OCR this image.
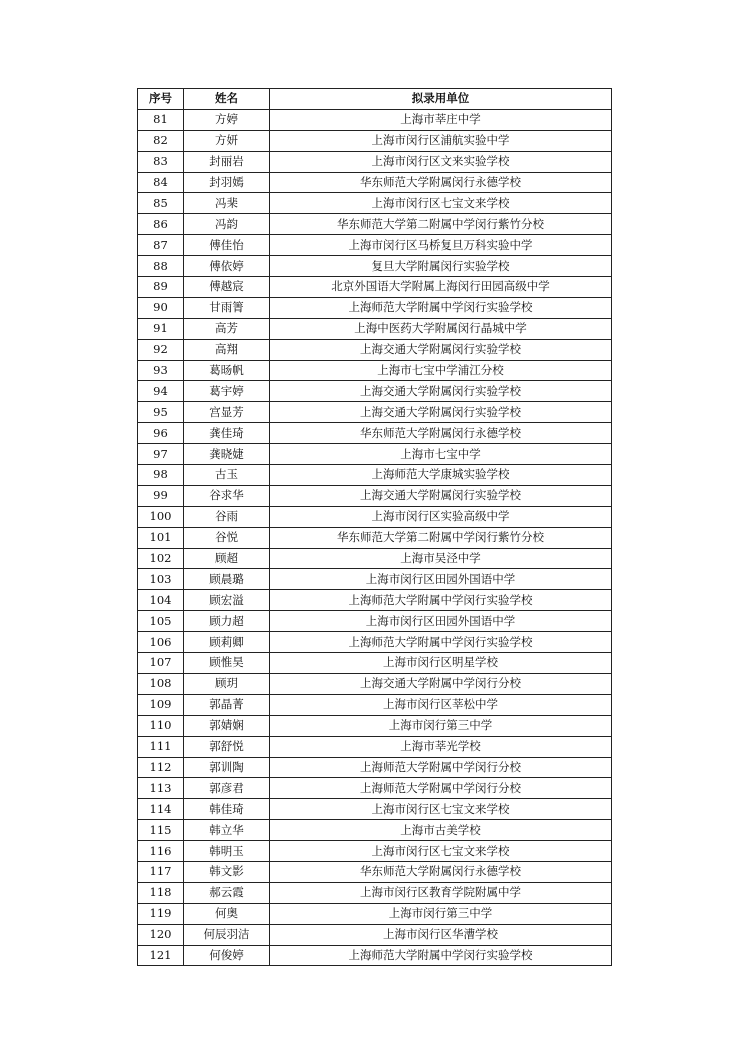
序号	姓名	拟录用单位
81	方婷	上海市莘庄中学
82	方妍	上海市闵行区浦航实验中学
83	封丽岩	上海市闵行区文来实验学校
84	封羽嫣	华东师范大学附属闵行永德学校
85	冯棐	上海市闵行区七宝文来学校
86	冯韵	华东师范大学第二附属中学闵行紫竹分校
87	傅佳怡	上海市闵行区马桥复旦万科实验中学
88	傅依婷	复旦大学附属闵行实验学校
89	傅越宸	北京外国语大学附属上海闵行田园高级中学
90	甘雨箐	上海师范大学附属中学闵行实验学校
91	高芳	上海中医药大学附属闵行晶城中学
92	高翔	上海交通大学附属闵行实验学校
93	葛旸帆	上海市七宝中学浦江分校
94	葛宇婷	上海交通大学附属闵行实验学校
95	宫显芳	上海交通大学附属闵行实验学校
96	龚佳琦	华东师范大学附属闵行永德学校
97	龚晓婕	上海市七宝中学
98	古玉	上海师范大学康城实验学校
99	谷求华	上海交通大学附属闵行实验学校
100	谷雨	上海市闵行区实验高级中学
101	谷悦	华东师范大学第二附属中学闵行紫竹分校
102	顾超	上海市吴泾中学
103	顾晨璐	上海市闵行区田园外国语中学
104	顾宏溢	上海师范大学附属中学闵行实验学校
105	顾力超	上海市闵行区田园外国语中学
106	顾莉卿	上海师范大学附属中学闵行实验学校
107	顾惟昊	上海市闵行区明星学校
108	顾玥	上海交通大学附属中学闵行分校
109	郭晶菁	上海市闵行区莘松中学
110	郭婧娴	上海市闵行第三中学
111	郭舒悦	上海市莘光学校
112	郭训陶	上海师范大学附属中学闵行分校
113	郭彦君	上海师范大学附属中学闵行分校
114	韩佳琦	上海市闵行区七宝文来学校
115	韩立华	上海市古美学校
116	韩明玉	上海市闵行区七宝文来学校
117	韩文影	华东师范大学附属闵行永德学校
118	郝云霞	上海市闵行区教育学院附属中学
119	何奥	上海市闵行第三中学
120	何辰羽洁	上海市闵行区华漕学校
121	何俊婷	上海师范大学附属中学闵行实验学校
